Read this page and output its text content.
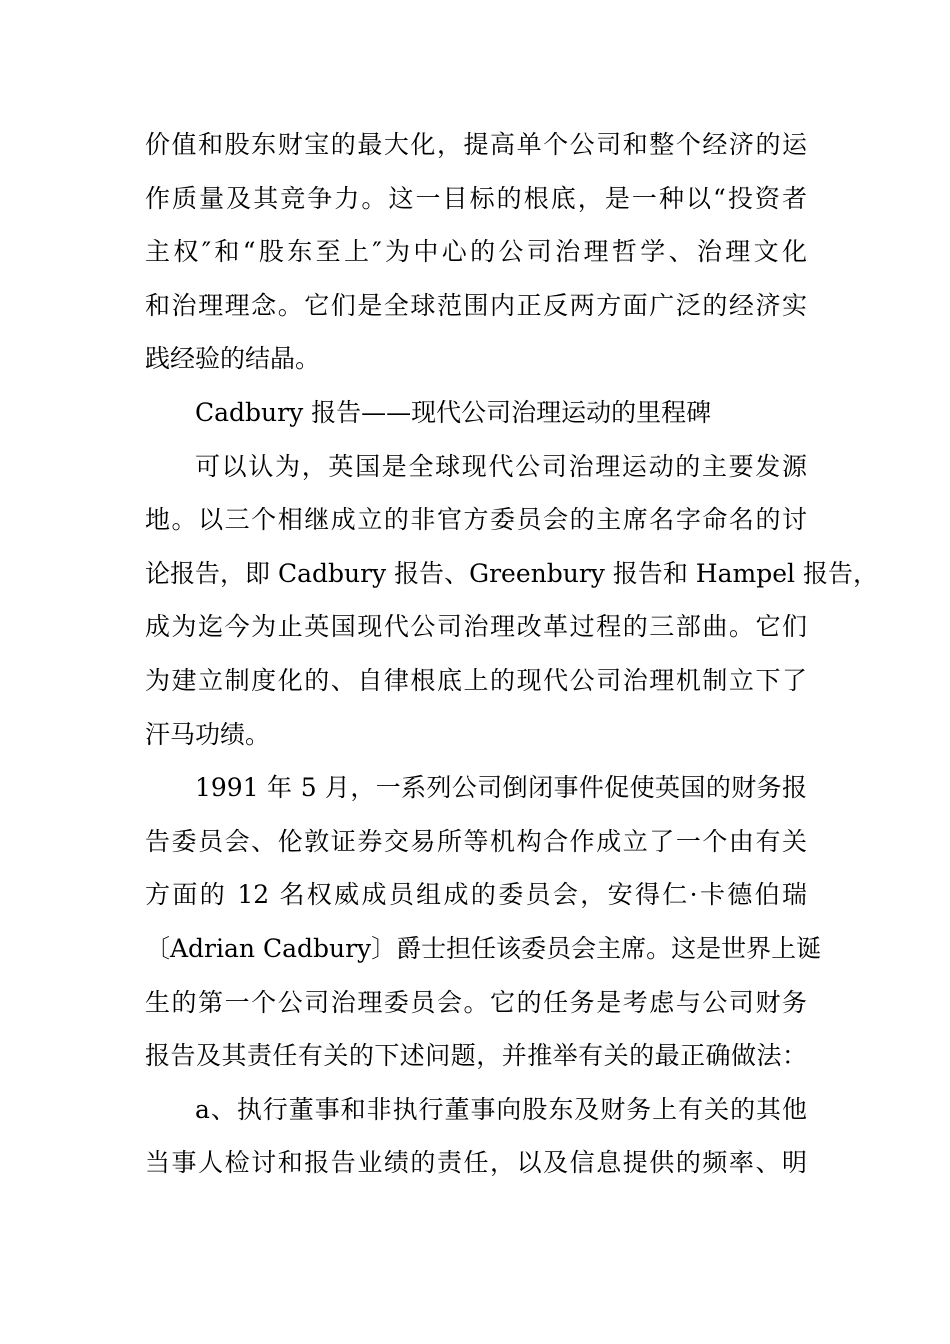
价值和股东财宝的最大化，提高单个公司和整个经济的运
作质量及其竞争力。这一目标的根底，是一种以“投资者
主权″和“股东至上″为中心的公司治理哲学、治理文化
和治理理念。它们是全球范围内正反两方面广泛的经济实
践经验的结晶。
Cadbury 报告——现代公司治理运动的里程碑
可以认为，英国是全球现代公司治理运动的主要发源
地。以三个相继成立的非官方委员会的主席名字命名的讨
论报告，即 Cadbury 报告、Greenbury 报告和 Hampel 报告，
成为迄今为止英国现代公司治理改革过程的三部曲。它们
为建立制度化的、自律根底上的现代公司治理机制立下了
汗马功绩。
1991 年 5 月，一系列公司倒闭事件促使英国的财务报
告委员会、伦敦证券交易所等机构合作成立了一个由有关
方面的 12 名权威成员组成的委员会，安得仁·卡德伯瑞
〔Adrian Cadbury〕爵士担任该委员会主席。这是世界上诞
生的第一个公司治理委员会。它的任务是考虑与公司财务
报告及其责任有关的下述问题，并推举有关的最正确做法：
a、执行董事和非执行董事向股东及财务上有关的其他
当事人检讨和报告业绩的责任，以及信息提供的频率、明
